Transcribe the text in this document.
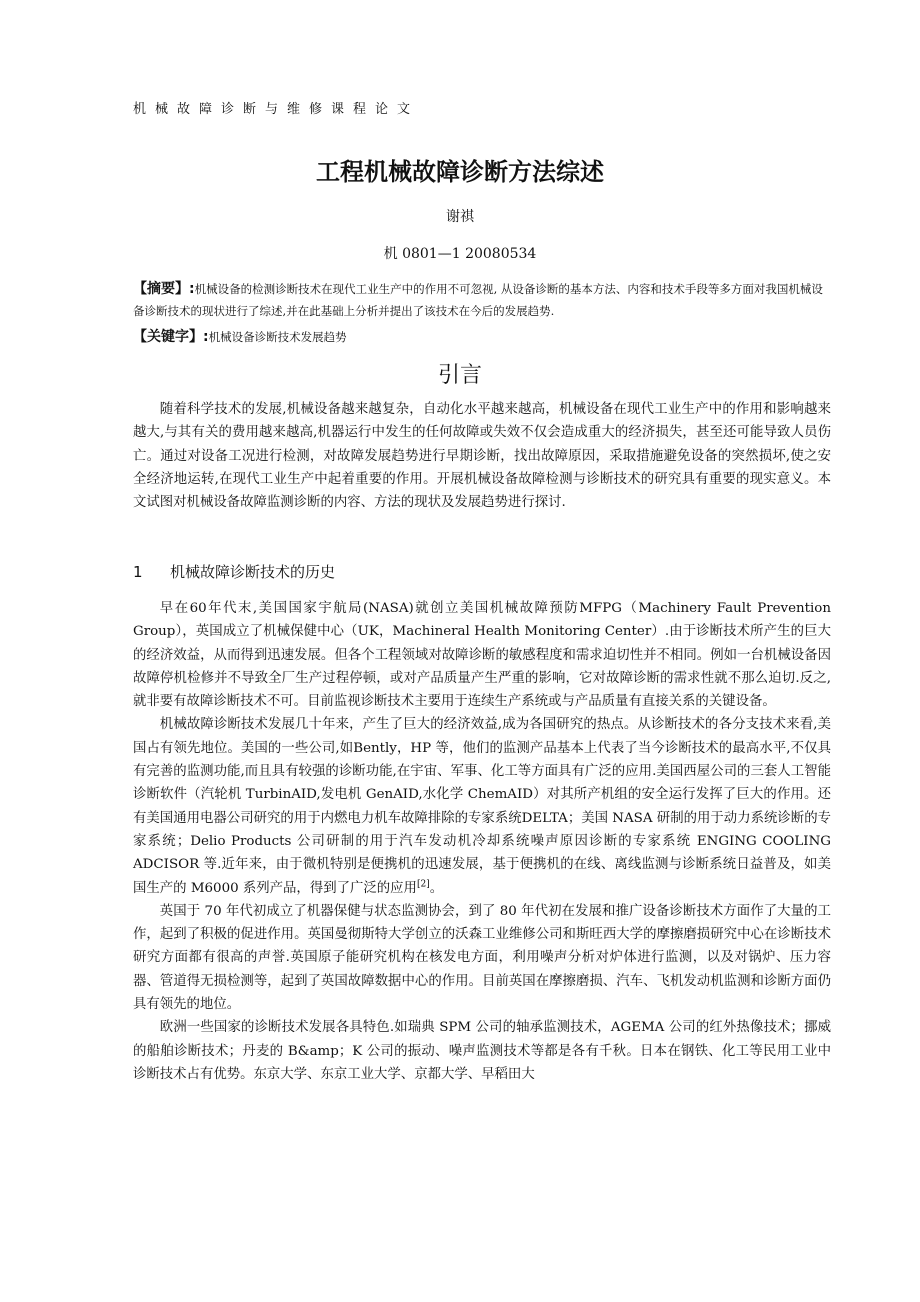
机械故障诊断与维修课程论文
工程机械故障诊断方法综述
谢祺
机 0801—1 20080534
【摘要】:机械设备的检测诊断技术在现代工业生产中的作用不可忽视, 从设备诊断的基本方法、内容和技术手段等多方面对我国机械设备诊断技术的现状进行了综述,并在此基础上分析并提出了该技术在今后的发展趋势.
【关键字】:机械设备诊断技术发展趋势
引言

随着科学技术的发展,机械设备越来越复杂，自动化水平越来越高，机械设备在现代工业生产中的作用和影响越来越大,与其有关的费用越来越高,机器运行中发生的任何故障或失效不仅会造成重大的经济损失，甚至还可能导致人员伤亡。通过对设备工况进行检测，对故障发展趋势进行早期诊断，找出故障原因，采取措施避免设备的突然损坏,使之安全经济地运转,在现代工业生产中起着重要的作用。开展机械设备故障检测与诊断技术的研究具有重要的现实意义。本文试图对机械设备故障监测诊断的内容、方法的现状及发展趋势进行探讨.

1 机械故障诊断技术的历史

早在60年代末,美国国家宇航局(NASA)就创立美国机械故障预防MFPG（Machinery Fault Prevention Group），英国成立了机械保健中心（UK，Machineral Health Monitoring Center）.由于诊断技术所产生的巨大的经济效益，从而得到迅速发展。但各个工程领域对故障诊断的敏感程度和需求迫切性并不相同。例如一台机械设备因故障停机检修并不导致全厂生产过程停顿，或对产品质量产生严重的影响，它对故障诊断的需求性就不那么迫切.反之,就非要有故障诊断技术不可。目前监视诊断技术主要用于连续生产系统或与产品质量有直接关系的关键设备。

机械故障诊断技术发展几十年来，产生了巨大的经济效益,成为各国研究的热点。从诊断技术的各分支技术来看,美国占有领先地位。美国的一些公司,如Bently，HP 等，他们的监测产品基本上代表了当今诊断技术的最高水平,不仅具有完善的监测功能,而且具有较强的诊断功能,在宇宙、军事、化工等方面具有广泛的应用.美国西屋公司的三套人工智能诊断软件（汽轮机 TurbinAID,发电机 GenAID,水化学 ChemAID）对其所产机组的安全运行发挥了巨大的作用。还有美国通用电器公司研究的用于内燃电力机车故障排除的专家系统DELTA；美国 NASA 研制的用于动力系统诊断的专家系统；Delio Products 公司研制的用于汽车发动机冷却系统噪声原因诊断的专家系统 ENGING COOLING ADCISOR 等.近年来，由于微机特别是便携机的迅速发展，基于便携机的在线、离线监测与诊断系统日益普及，如美国生产的 M6000 系列产品，得到了广泛的应用[2]。

英国于 70 年代初成立了机器保健与状态监测协会，到了 80 年代初在发展和推广设备诊断技术方面作了大量的工作，起到了积极的促进作用。英国曼彻斯特大学创立的沃森工业维修公司和斯旺西大学的摩擦磨损研究中心在诊断技术研究方面都有很高的声誉.英国原子能研究机构在核发电方面，利用噪声分析对炉体进行监测，以及对锅炉、压力容器、管道得无损检测等，起到了英国故障数据中心的作用。目前英国在摩擦磨损、汽车、飞机发动机监测和诊断方面仍具有领先的地位。

欧洲一些国家的诊断技术发展各具特色.如瑞典 SPM 公司的轴承监测技术，AGEMA 公司的红外热像技术；挪威的船舶诊断技术；丹麦的 B&amp；K 公司的振动、噪声监测技术等都是各有千秋。日本在钢铁、化工等民用工业中诊断技术占有优势。东京大学、东京工业大学、京都大学、早稻田大
